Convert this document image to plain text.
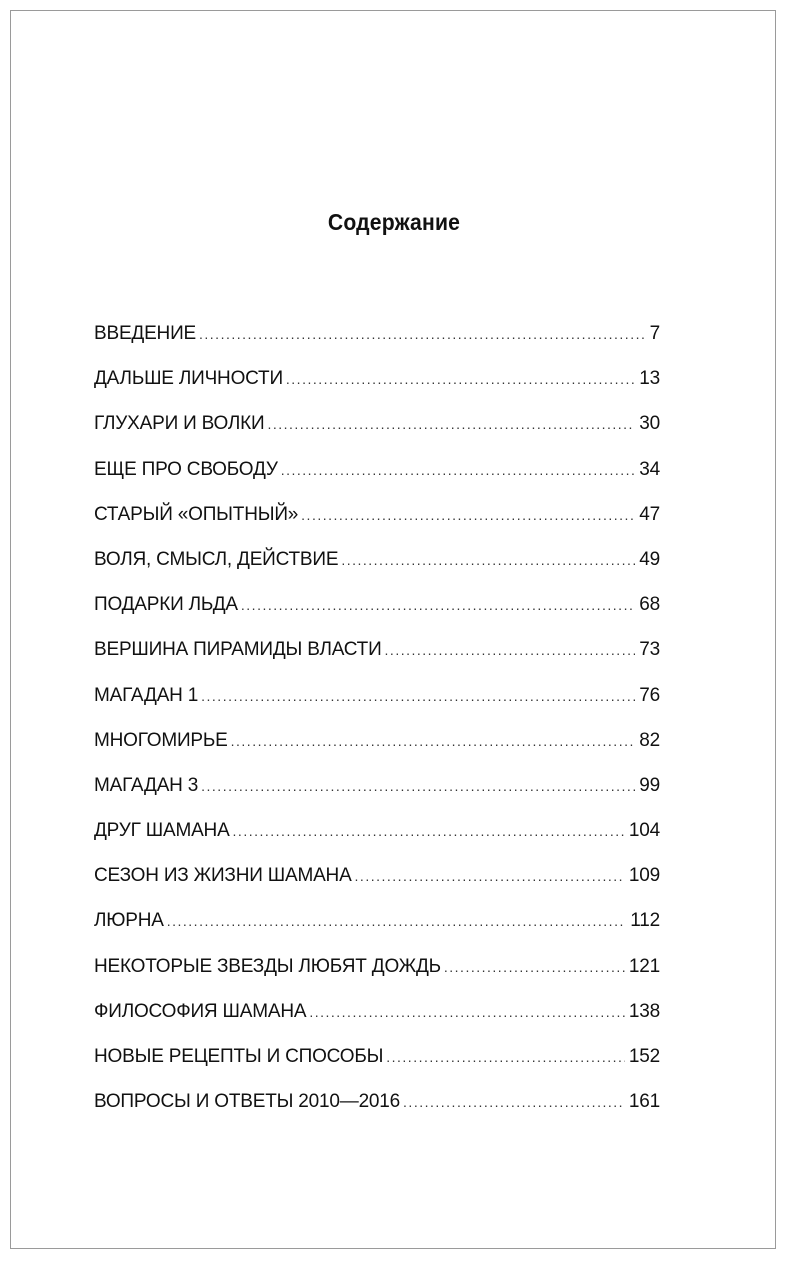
Содержание
ВВЕДЕНИЕ .....	7
ДАЛЬШЕ ЛИЧНОСТИ .....	13
ГЛУХАРИ И ВОЛКИ .....	30
ЕЩЕ ПРО СВОБОДУ .....	34
СТАРЫЙ «ОПЫТНЫЙ» .....	47
ВОЛЯ, СМЫСЛ, ДЕЙСТВИЕ .....	49
ПОДАРКИ ЛЬДА .....	68
ВЕРШИНА ПИРАМИДЫ ВЛАСТИ .....	73
МАГАДАН 1 .....	76
МНОГОМИРЬЕ .....	82
МАГАДАН 3 .....	99
ДРУГ ШАМАНА .....	104
СЕЗОН ИЗ ЖИЗНИ ШАМАНА .....	109
ЛЮРНА .....	112
НЕКОТОРЫЕ ЗВЕЗДЫ ЛЮБЯТ ДОЖДЬ .....	121
ФИЛОСОФИЯ ШАМАНА .....	138
НОВЫЕ РЕЦЕПТЫ И СПОСОБЫ .....	152
ВОПРОСЫ И ОТВЕТЫ 2010—2016 .....	161
